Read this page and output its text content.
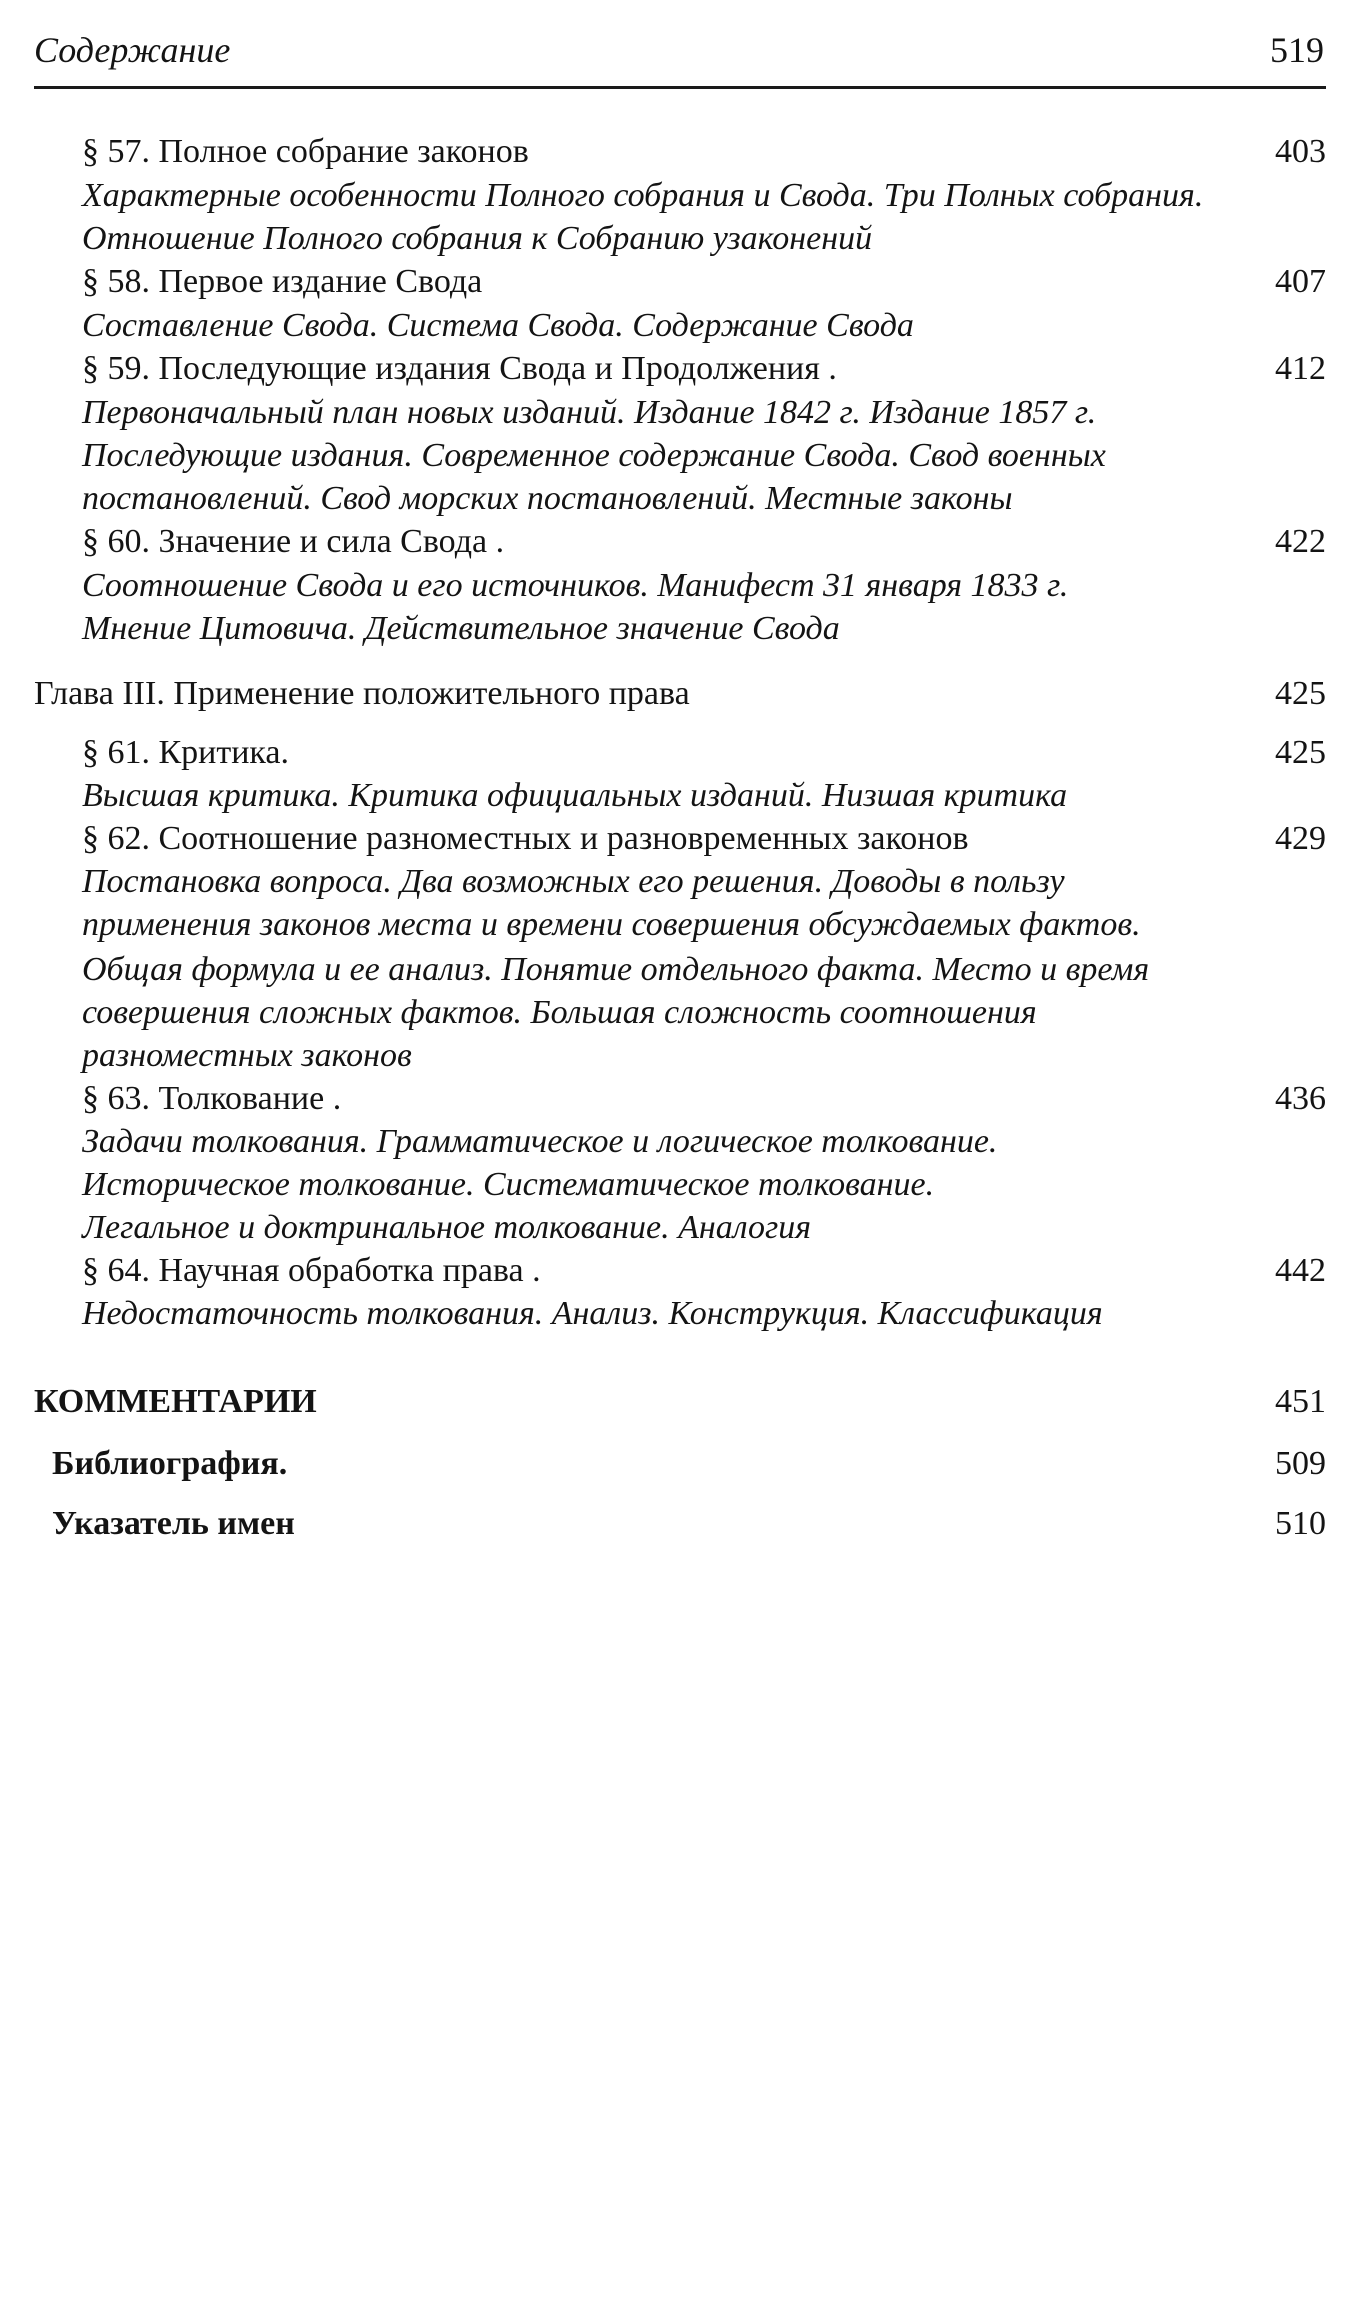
Содержание	519
§ 57. Полное собрание законов	403
Характерные особенности Полного собрания и Свода. Три Полных собрания.
Отношение Полного собрания к Собранию узаконений
§ 58. Первое издание Свода	407
Составление Свода. Система Свода. Содержание Свода
§ 59. Последующие издания Свода и Продолжения .	412
Первоначальный план новых изданий. Издание 1842 г. Издание 1857 г.
Последующие издания. Современное содержание Свода. Свод военных
постановлений. Свод морских постановлений. Местные законы
§ 60. Значение и сила Свода .	422
Соотношение Свода и его источников. Манифест 31 января 1833 г.
Мнение Цитовича. Действительное значение Свода
Глава III. Применение положительного права	425
§ 61. Критика.	425
Высшая критика. Критика официальных изданий. Низшая критика
§ 62. Соотношение разноместных и разновременных законов	429
Постановка вопроса. Два возможных его решения. Доводы в пользу
применения законов места и времени совершения обсуждаемых фактов.
Общая формула и ее анализ. Понятие отдельного факта. Место и время
совершения сложных фактов. Большая сложность соотношения
разноместных законов
§ 63. Толкование .	436
Задачи толкования. Грамматическое и логическое толкование.
Историческое толкование. Систематическое толкование.
Легальное и доктринальное толкование. Аналогия
§ 64. Научная обработка права .	442
Недостаточность толкования. Анализ. Конструкция. Классификация
КОММЕНТАРИИ	451
Библиография.	509
Указатель имен	510
